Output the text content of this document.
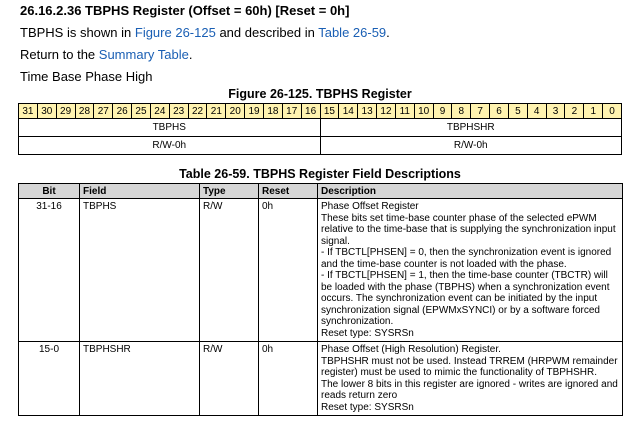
26.16.2.36 TBPHS Register (Offset = 60h) [Reset = 0h]
TBPHS is shown in Figure 26-125 and described in Table 26-59.
Return to the Summary Table.
Time Base Phase High
Figure 26-125. TBPHS Register
31	30	29	28	27	26	25	24	23	22	21	20	19	18	17	16	15	14	13	12	11	10	9	8	7	6	5	4	3	2	1	0
TBPHS																TBPHSHR															
R/W-0h																R/W-0h															
Table 26-59. TBPHS Register Field Descriptions
Bit	Field	Type	Reset	Description
31-16	TBPHS	R/W	0h	Phase Offset Register
These bits set time-base counter phase of the selected ePWM relative to the time-base that is supplying the synchronization input signal.
- If TBCTL[PHSEN] = 0, then the synchronization event is ignored and the time-base counter is not loaded with the phase.
- If TBCTL[PHSEN] = 1, then the time-base counter (TBCTR) will be loaded with the phase (TBPHS) when a synchronization event occurs. The synchronization event can be initiated by the input synchronization signal (EPWMxSYNCI) or by a software forced synchronization.
Reset type: SYSRSn

15-0	TBPHSHR	R/W	0h	Phase Offset (High Resolution) Register.
TBPHSHR must not be used. Instead TRREM (HRPWM remainder register) must be used to mimic the functionality of TBPHSHR.
The lower 8 bits in this register are ignored - writes are ignored and reads return zero
Reset type: SYSRSn
